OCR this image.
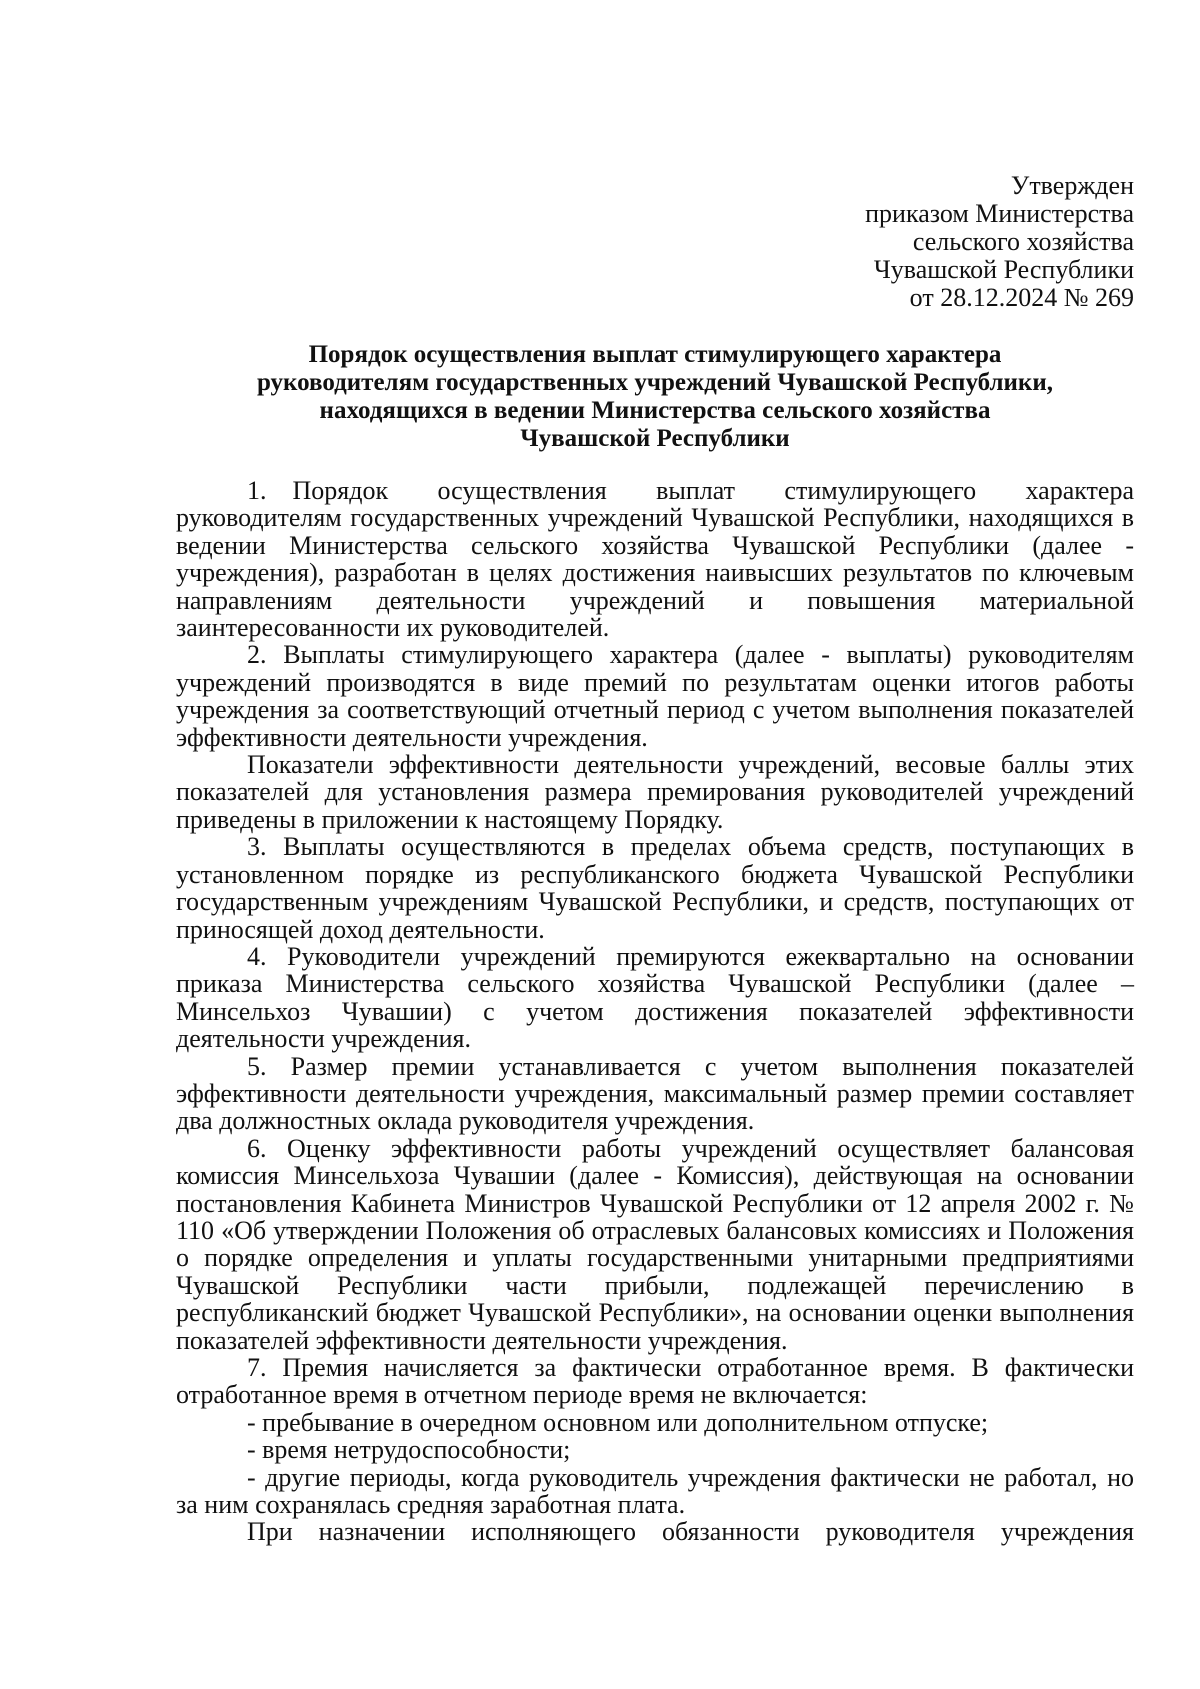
Утвержден
приказом Министерства
сельского хозяйства
Чувашской Республики
от 28.12.2024 № 269
Порядок осуществления выплат стимулирующего характера
руководителям государственных учреждений Чувашской Республики,
находящихся в ведении Министерства сельского хозяйства
Чувашской Республики

1. Порядок осуществления выплат стимулирующего характера руководителям государственных учреждений Чувашской Республики, находящихся в ведении Министерства сельского хозяйства Чувашской Республики (далее - учреждения), разработан в целях достижения наивысших результатов по ключевым направлениям деятельности учреждений и повышения материальной заинтересованности их руководителей.

2. Выплаты стимулирующего характера (далее - выплаты) руководителям учреждений производятся в виде премий по результатам оценки итогов работы учреждения за соответствующий отчетный период с учетом выполнения показателей эффективности деятельности учреждения.

Показатели эффективности деятельности учреждений, весовые баллы этих показателей для установления размера премирования руководителей учреждений приведены в приложении к настоящему Порядку.

3. Выплаты осуществляются в пределах объема средств, поступающих в установленном порядке из республиканского бюджета Чувашской Республики государственным учреждениям Чувашской Республики, и средств, поступающих от приносящей доход деятельности.

4. Руководители учреждений премируются ежеквартально на основании приказа Министерства сельского хозяйства Чувашской Республики (далее – Минсельхоз Чувашии) с учетом достижения показателей эффективности деятельности учреждения.

5. Размер премии устанавливается с учетом выполнения показателей эффективности деятельности учреждения, максимальный размер премии составляет два должностных оклада руководителя учреждения.

6. Оценку эффективности работы учреждений осуществляет балансовая комиссия Минсельхоза Чувашии (далее - Комиссия), действующая на основании постановления Кабинета Министров Чувашской Республики от 12 апреля 2002 г. № 110 «Об утверждении Положения об отраслевых балансовых комиссиях и Положения о порядке определения и уплаты государственными унитарными предприятиями Чувашской Республики части прибыли, подлежащей перечислению в республиканский бюджет Чувашской Республики», на основании оценки выполнения показателей эффективности деятельности учреждения.

7. Премия начисляется за фактически отработанное время. В фактически отработанное время в отчетном периоде время не включается:

- пребывание в очередном основном или дополнительном отпуске;

- время нетрудоспособности;

- другие периоды, когда руководитель учреждения фактически не работал, но за ним сохранялась средняя заработная плата.

При назначении исполняющего обязанности руководителя учреждения
